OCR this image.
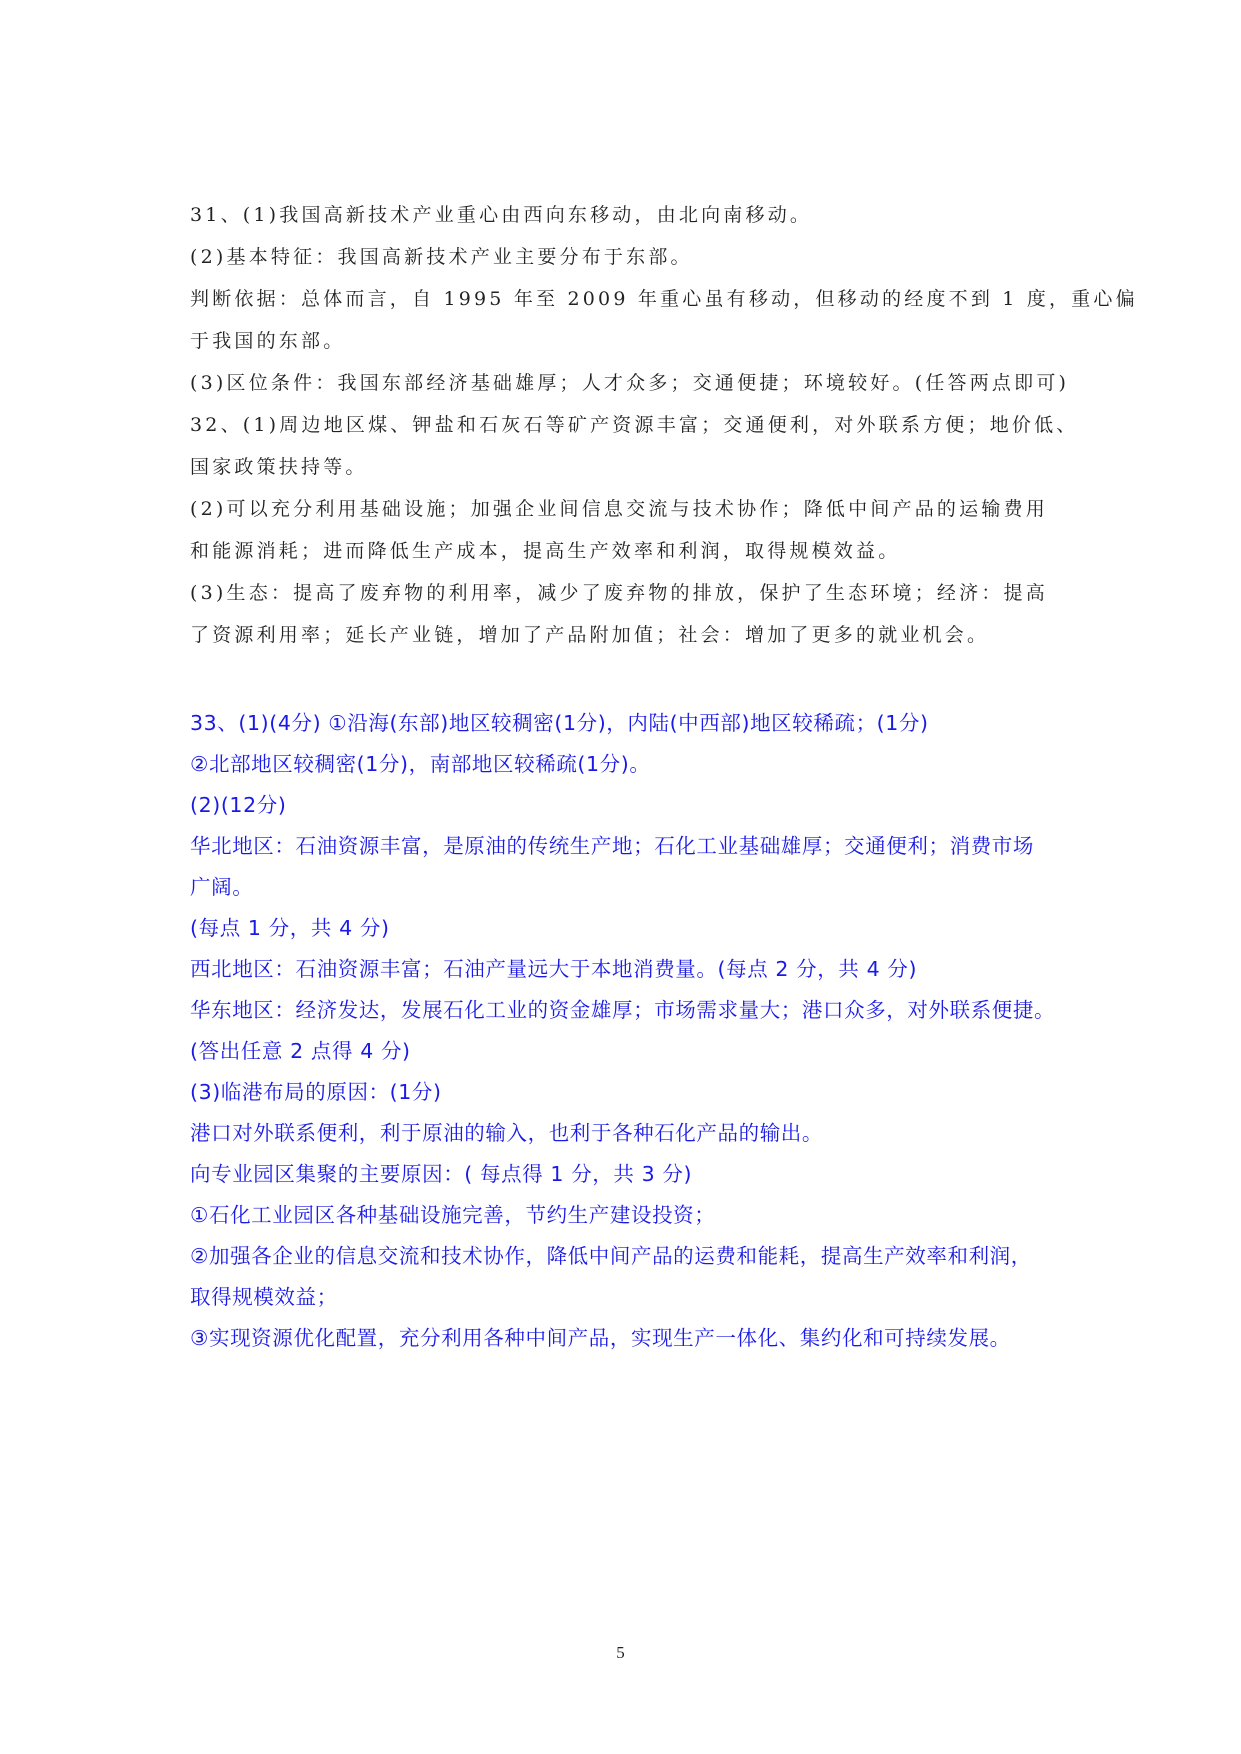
31、(1)我国高新技术产业重心由西向东移动，由北向南移动。
(2)基本特征：我国高新技术产业主要分布于东部。
判断依据：总体而言，自 1995 年至 2009 年重心虽有移动，但移动的经度不到 1 度，重心偏
于我国的东部。
(3)区位条件：我国东部经济基础雄厚；人才众多；交通便捷；环境较好。(任答两点即可)
32、(1)周边地区煤、钾盐和石灰石等矿产资源丰富；交通便利，对外联系方便；地价低、
国家政策扶持等。
(2)可以充分利用基础设施；加强企业间信息交流与技术协作；降低中间产品的运输费用
和能源消耗；进而降低生产成本，提高生产效率和利润，取得规模效益。
(3)生态：提高了废弃物的利用率，减少了废弃物的排放，保护了生态环境；经济：提高
了资源利用率；延长产业链，增加了产品附加值；社会：增加了更多的就业机会。
33、(1)(4分) ①沿海(东部)地区较稠密(1分)，内陆(中西部)地区较稀疏；(1分)
②北部地区较稠密(1分)，南部地区较稀疏(1分)。
(2)(12分)
华北地区：石油资源丰富，是原油的传统生产地；石化工业基础雄厚；交通便利；消费市场
广阔。
(每点 1 分，共 4 分)
西北地区：石油资源丰富；石油产量远大于本地消费量。(每点 2 分，共 4 分)
华东地区：经济发达，发展石化工业的资金雄厚；市场需求量大；港口众多，对外联系便捷。
(答出任意 2 点得 4 分)
(3)临港布局的原因：(1分)
港口对外联系便利，利于原油的输入，也利于各种石化产品的输出。
向专业园区集聚的主要原因：( 每点得 1 分，共 3 分)
①石化工业园区各种基础设施完善，节约生产建设投资；
②加强各企业的信息交流和技术协作，降低中间产品的运费和能耗，提高生产效率和利润，
取得规模效益；
③实现资源优化配置，充分利用各种中间产品，实现生产一体化、集约化和可持续发展。
5
